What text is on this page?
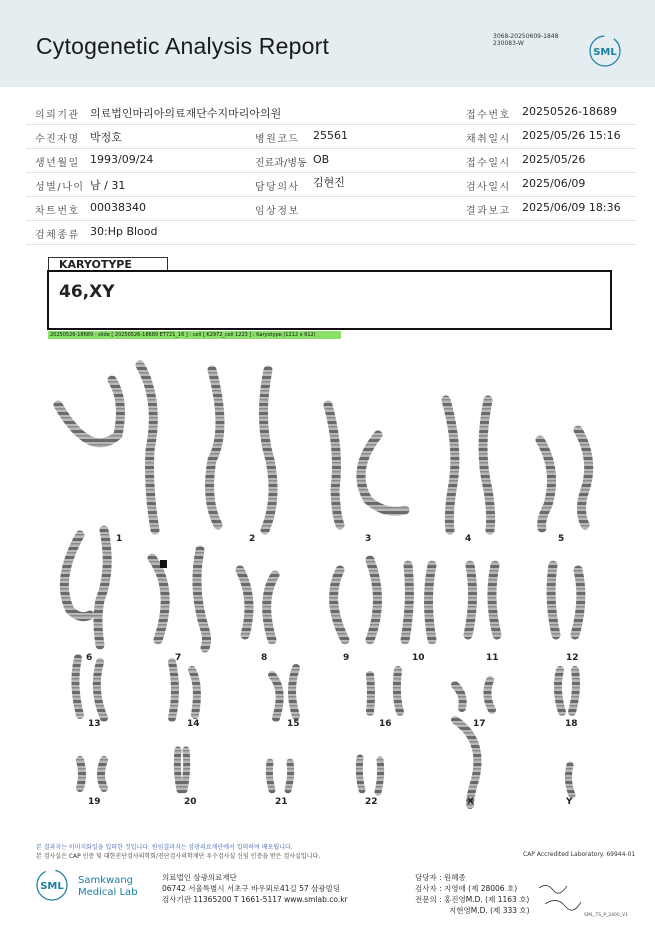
Cytogenetic Analysis Report	3068-20250609-1848
230083-W
SML
의뢰기관 의료법인마리아의료재단수지마리아의원	접수번호 20250526-18689
수진자명 박정호	병원코드 25561	채취일시 2025/05/26 15:16
생년월일 1993/09/24	진료과/병동 OB	접수일시 2025/05/26
성별/나이 남 / 31	담당의사 김현진	검사일시 2025/06/09
차트번호 00038340	임상정보	결과보고 2025/06/09 18:36
검체종류 30:Hp Blood
KARYOTYPE
46,XY
20250526-18689 - slide [ 20250526-18689 ET721_16 ] : cell [ K2972_cell 1223 ] : Karyotype (1212 x 912)
1	2	3	4	5
6	7	8	9	10	11	12
13	14	15	16	17	18
19	20	21	22	X	Y
본 결과지는 이미지화일을 입력한 것입니다. 원임결과지는 삼광의료재단에서 입력하여 배포됩니다.
본 검사실은 CAP 인증 및 대한진단검사의학회/진단검사의학재단 우수검사실 신임 인증을 받은 검사실입니다.	CAP Accredited Laboratory. 69944-01
SML
Samkwang
Medical Lab
의료법인 삼광의료재단
06742 서울특별시 서초구 바우뫼로41길 57 삼광빌딩
검사기관 11365200 T 1661-5117 www.smlab.co.kr
담당자 : 원혜종
검사자 : 지영애 (제 28006 호)
전문의 : 홍진영M.D. (제 1163 호)
지현영M.D. (제 333 호)
SML_TS_P_2400_V1
